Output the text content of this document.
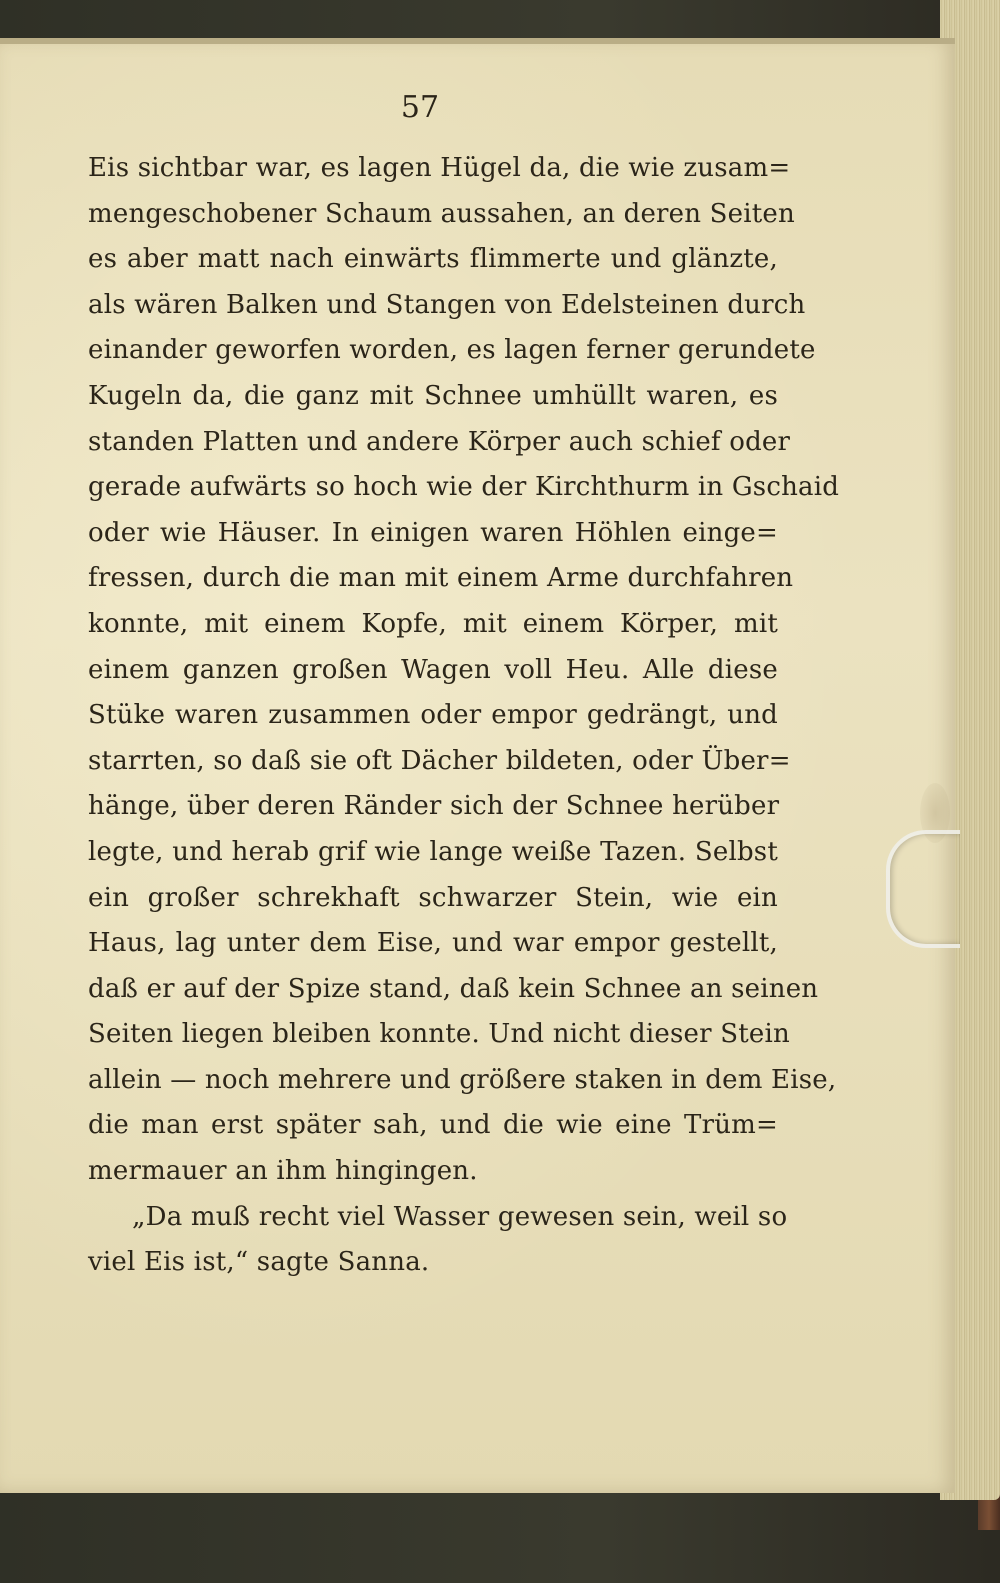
57
Eis sichtbar war, es lagen Hügel da, die wie zusam=
mengeschobener Schaum aussahen, an deren Seiten
es aber matt nach einwärts flimmerte und glänzte,
als wären Balken und Stangen von Edelsteinen durch
einander geworfen worden, es lagen ferner gerundete
Kugeln da, die ganz mit Schnee umhüllt waren, es
standen Platten und andere Körper auch schief oder
gerade aufwärts so hoch wie der Kirchthurm in Gschaid
oder wie Häuser. In einigen waren Höhlen einge=
fressen, durch die man mit einem Arme durchfahren
konnte, mit einem Kopfe, mit einem Körper, mit
einem ganzen großen Wagen voll Heu. Alle diese
Stüke waren zusammen oder empor gedrängt, und
starrten, so daß sie oft Dächer bildeten, oder Über=
hänge, über deren Ränder sich der Schnee herüber
legte, und herab grif wie lange weiße Tazen. Selbst
ein großer schrekhaft schwarzer Stein, wie ein
Haus, lag unter dem Eise, und war empor gestellt,
daß er auf der Spize stand, daß kein Schnee an seinen
Seiten liegen bleiben konnte. Und nicht dieser Stein
allein — noch mehrere und größere staken in dem Eise,
die man erst später sah, und die wie eine Trüm=
mermauer an ihm hingingen.
„Da muß recht viel Wasser gewesen sein, weil so
viel Eis ist,“ sagte Sanna.
